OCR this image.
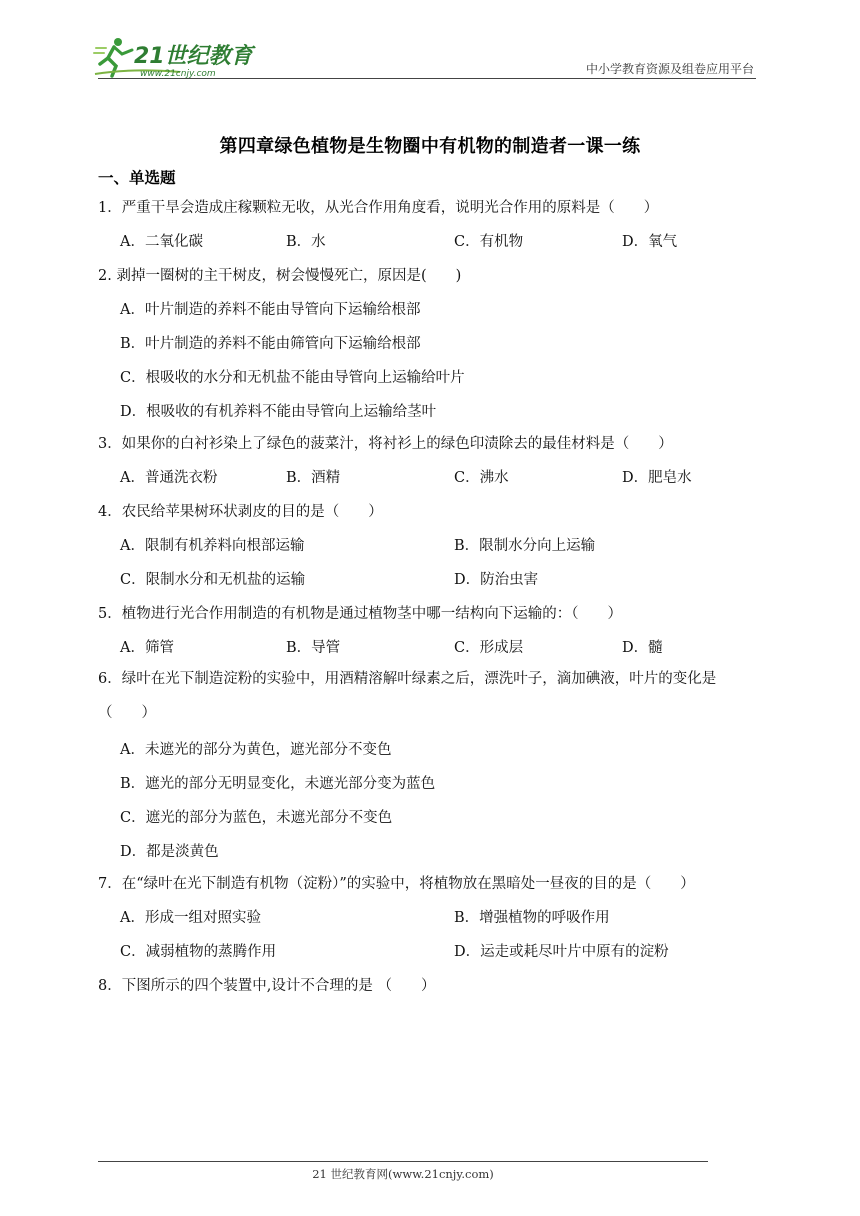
21世纪教育
www.21cnjy.com	中小学教育资源及组卷应用平台
第四章绿色植物是生物圈中有机物的制造者一课一练
一、单选题
1．严重干旱会造成庄稼颗粒无收，从光合作用角度看，说明光合作用的原料是（　　）
A．二氧化碳	B．水	C．有机物	D．氧气
2. 剥掉一圈树的主干树皮，树会慢慢死亡，原因是(　　)
A．叶片制造的养料不能由导管向下运输给根部
B．叶片制造的养料不能由筛管向下运输给根部
C．根吸收的水分和无机盐不能由导管向上运输给叶片
D．根吸收的有机养料不能由导管向上运输给茎叶
3．如果你的白衬衫染上了绿色的菠菜汁，将衬衫上的绿色印渍除去的最佳材料是（　　）
A．普通洗衣粉	B．酒精	C．沸水	D．肥皂水
4．农民给苹果树环状剥皮的目的是（　　）
A．限制有机养料向根部运输	B．限制水分向上运输
C．限制水分和无机盐的运输	D．防治虫害
5．植物进行光合作用制造的有机物是通过植物茎中哪一结构向下运输的：（　　）
A．筛管	B．导管	C．形成层	D．髓
6．绿叶在光下制造淀粉的实验中，用酒精溶解叶绿素之后，漂洗叶子，滴加碘液，叶片的变化是（　　）
A．未遮光的部分为黄色，遮光部分不变色
B．遮光的部分无明显变化，未遮光部分变为蓝色
C．遮光的部分为蓝色，未遮光部分不变色
D．都是淡黄色
7．在“绿叶在光下制造有机物（淀粉）”的实验中，将植物放在黑暗处一昼夜的目的是（　　）
A．形成一组对照实验	B．增强植物的呼吸作用
C．减弱植物的蒸腾作用	D．运走或耗尽叶片中原有的淀粉
8．下图所示的四个装置中,设计不合理的是 （　　）
21 世纪教育网(www.21cnjy.com)
